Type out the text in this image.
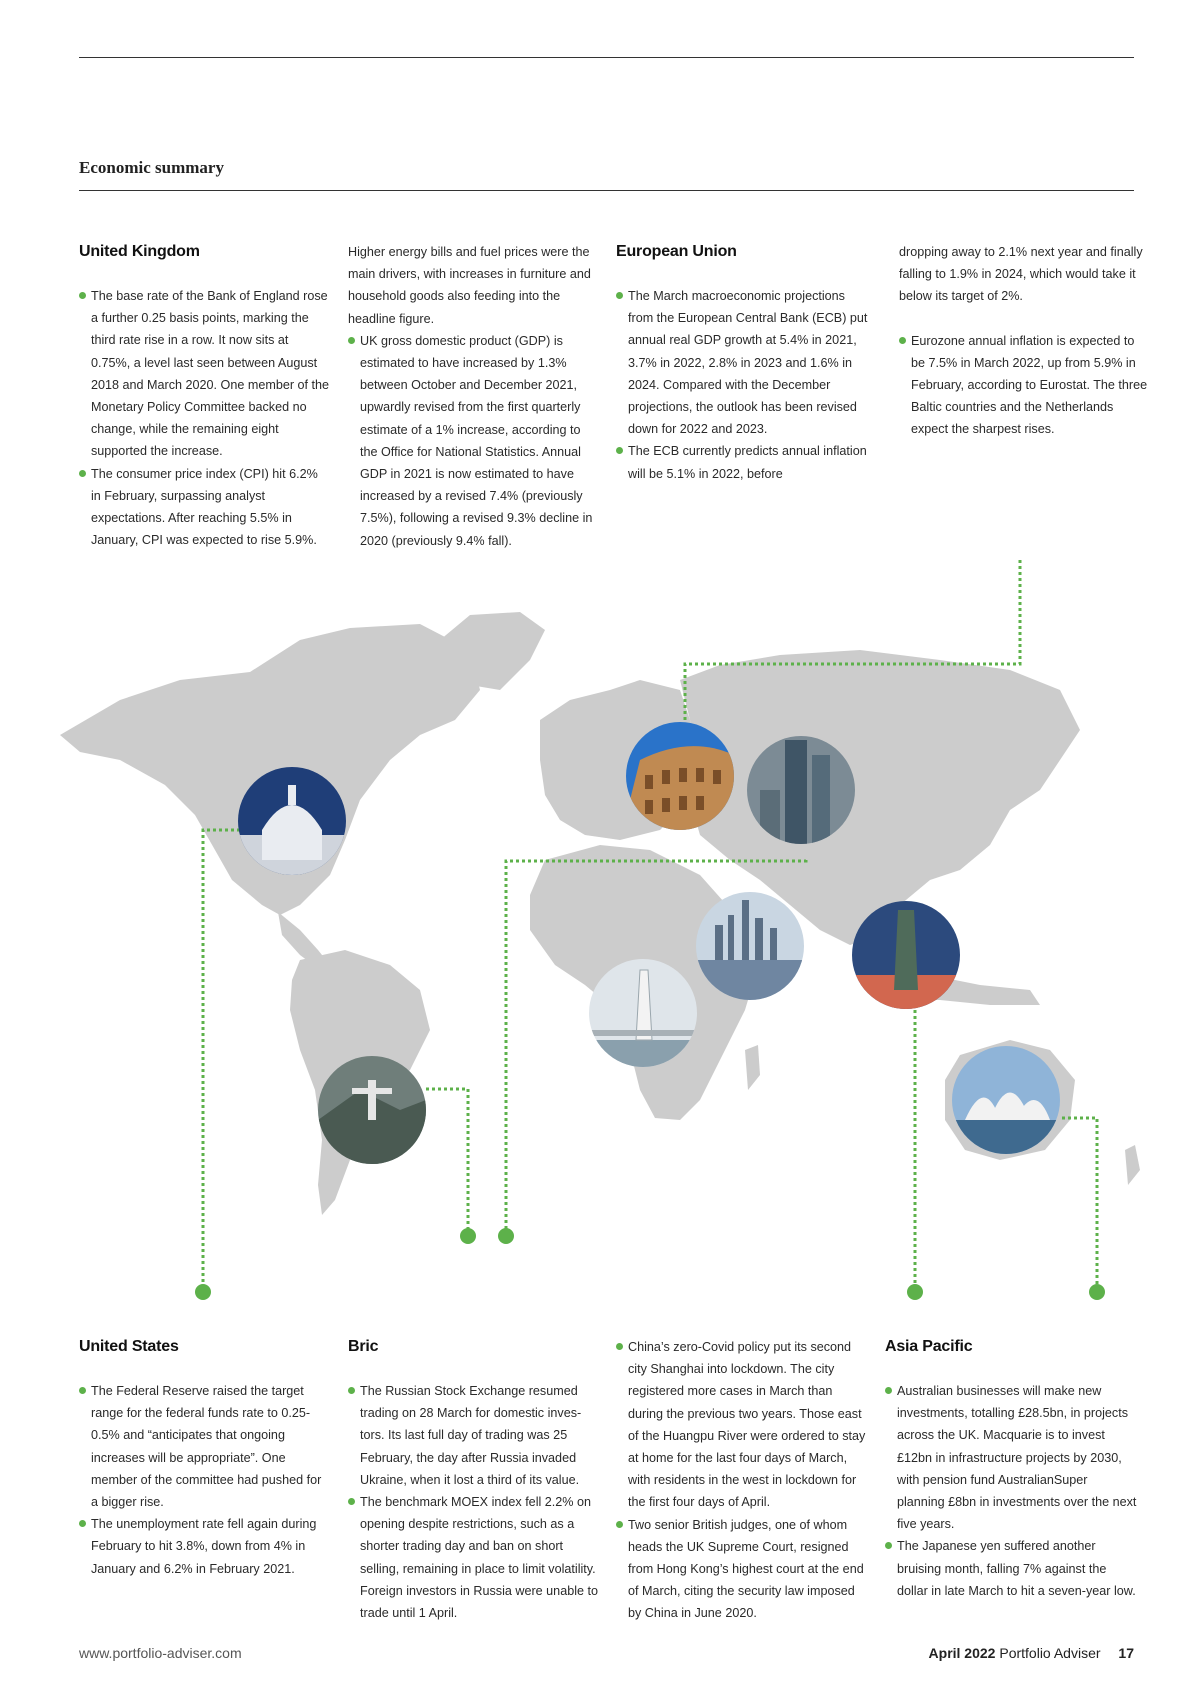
Economic summary
United Kingdom

The base rate of the Bank of England rose a further 0.25 basis points, marking the third rate rise in a row. It now sits at 0.75%, a level last seen between August 2018 and March 2020. One member of the Monetary Policy Committee backed no change, while the remaining eight supported the increase.

The consumer price index (CPI) hit 6.2% in February, surpassing analyst expectations. After reaching 5.5% in January, CPI was expected to rise 5.9%.

Higher energy bills and fuel prices were the main drivers, with increases in furniture and household goods also feeding into the headline figure.

UK gross domestic product (GDP) is estimated to have increased by 1.3% between October and December 2021, upwardly revised from the first quarterly estimate of a 1% increase, according to the Office for National Statistics. Annual GDP in 2021 is now estimated to have increased by a revised 7.4% (previously 7.5%), following a revised 9.3% decline in 2020 (previously 9.4% fall).

European Union

The March macroeconomic projections from the European Central Bank (ECB) put annual real GDP growth at 5.4% in 2021, 3.7% in 2022, 2.8% in 2023 and 1.6% in 2024. Compared with the December projections, the outlook has been revised down for 2022 and 2023.

The ECB currently predicts annual inflation will be 5.1% in 2022, before

dropping away to 2.1% next year and finally falling to 1.9% in 2024, which would take it below its target of 2%.

Eurozone annual inflation is expected to be 7.5% in March 2022, up from 5.9% in February, according to Eurostat. The three Baltic countries and the Netherlands expect the sharpest rises.

United States

The Federal Reserve raised the target range for the federal funds rate to 0.25-0.5% and “anticipates that ongoing increases will be appropriate”. One member of the committee had pushed for a bigger rise.

The unemployment rate fell again during February to hit 3.8%, down from 4% in January and 6.2% in February 2021.

Bric

The Russian Stock Exchange resumed trading on 28 March for domestic inves-tors. Its last full day of trading was 25 February, the day after Russia invaded Ukraine, when it lost a third of its value.

The benchmark MOEX index fell 2.2% on opening despite restrictions, such as a shorter trading day and ban on short selling, remaining in place to limit volatility. Foreign investors in Russia were unable to trade until 1 April.

China’s zero-Covid policy put its second city Shanghai into lockdown. The city registered more cases in March than during the previous two years. Those east of the Huangpu River were ordered to stay at home for the last four days of March, with residents in the west in lockdown for the first four days of April.

Two senior British judges, one of whom heads the UK Supreme Court, resigned from Hong Kong’s highest court at the end of March, citing the security law imposed by China in June 2020.

Asia Pacific

Australian businesses will make new investments, totalling £28.5bn, in projects across the UK. Macquarie is to invest £12bn in infrastructure projects by 2030, with pension fund AustralianSuper planning £8bn in investments over the next five years.

The Japanese yen suffered another bruising month, falling 7% against the dollar in late March to hit a seven-year low.

www.portfolio-adviser.com	April 2022 Portfolio Adviser 17
